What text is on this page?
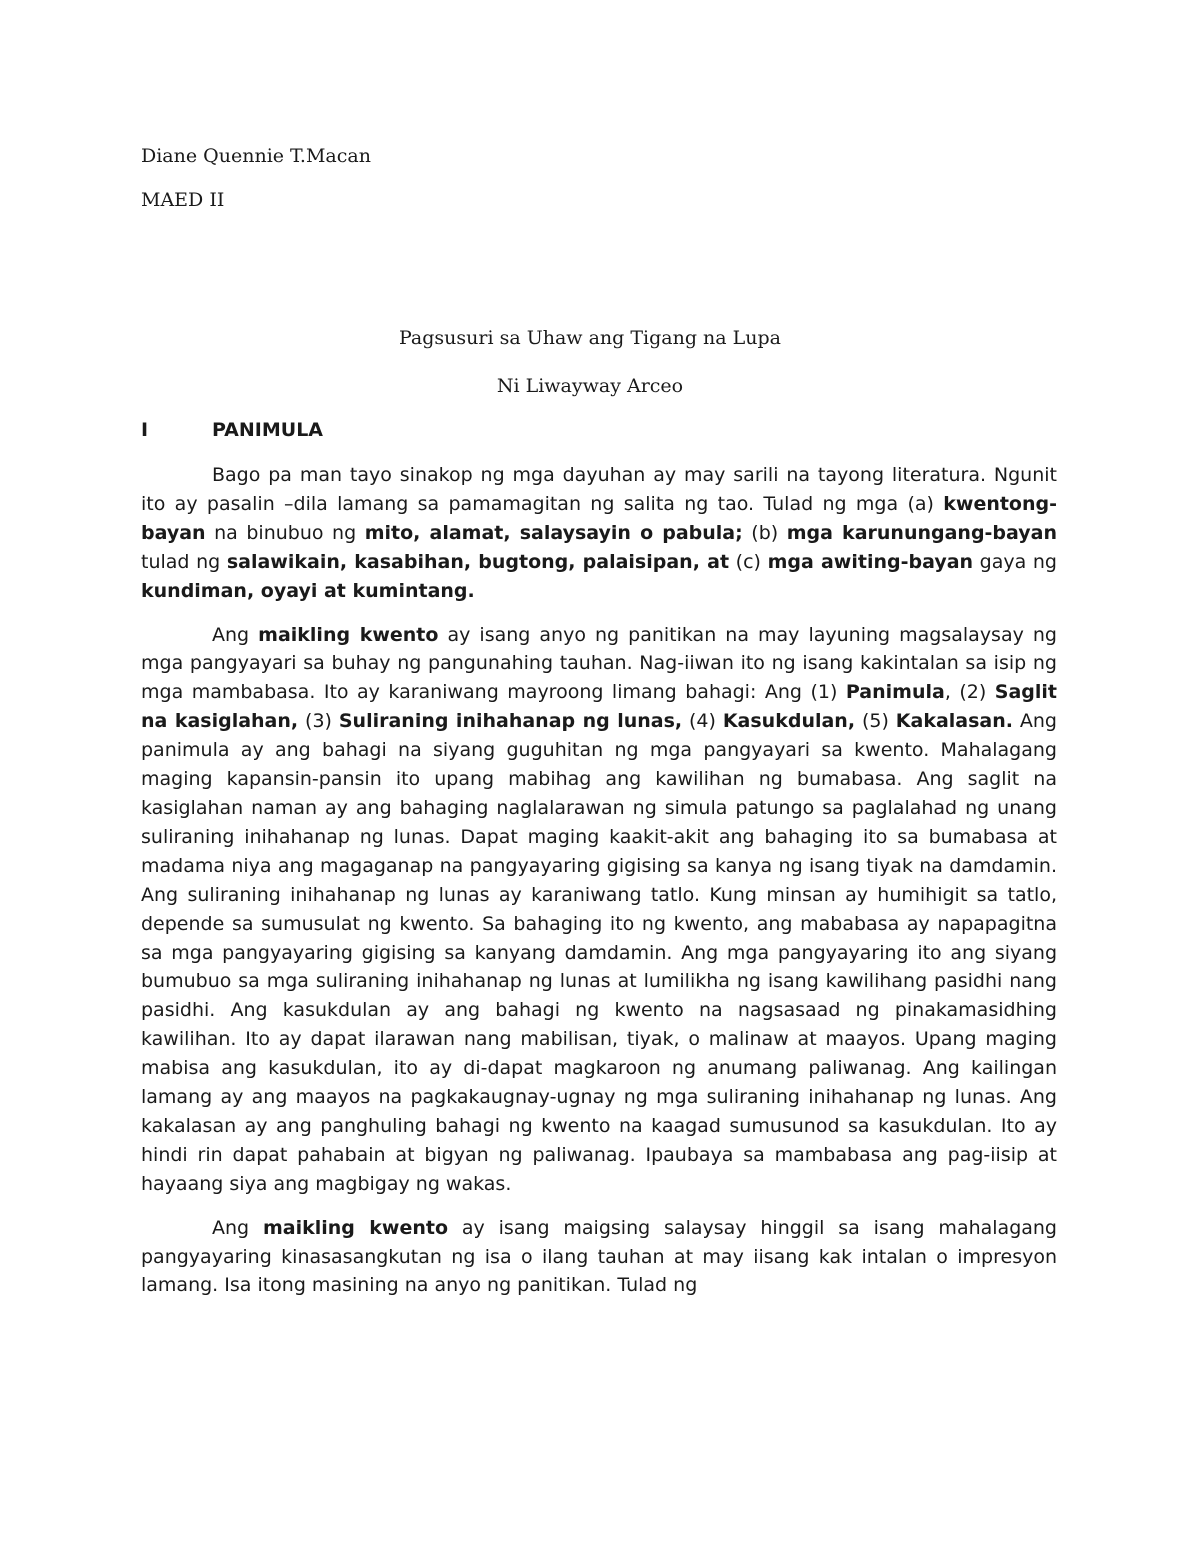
Diane Quennie T.Macan
MAED II
Pagsusuri sa Uhaw ang Tigang na Lupa
Ni Liwayway Arceo
I	PANIMULA

Bago pa man tayo sinakop ng mga dayuhan ay may sarili na tayong literatura. Ngunit ito ay pasalin –dila lamang sa pamamagitan ng salita ng tao. Tulad ng mga (a) kwentong-bayan na binubuo ng mito, alamat, salaysayin o pabula; (b) mga karunungang-bayan tulad ng salawikain, kasabihan, bugtong, palaisipan, at (c) mga awiting-bayan gaya ng kundiman, oyayi at kumintang.

Ang maikling kwento ay isang anyo ng panitikan na may layuning magsalaysay ng mga pangyayari sa buhay ng pangunahing tauhan. Nag-iiwan ito ng isang kakintalan sa isip ng mga mambabasa. Ito ay karaniwang mayroong limang bahagi: Ang (1) Panimula, (2) Saglit na kasiglahan, (3) Suliraning inihahanap ng lunas, (4) Kasukdulan, (5) Kakalasan. Ang panimula ay ang bahagi na siyang guguhitan ng mga pangyayari sa kwento. Mahalagang maging kapansin-pansin ito upang mabihag ang kawilihan ng bumabasa. Ang saglit na kasiglahan naman ay ang bahaging naglalarawan ng simula patungo sa paglalahad ng unang suliraning inihahanap ng lunas. Dapat maging kaakit-akit ang bahaging ito sa bumabasa at madama niya ang magaganap na pangyayaring gigising sa kanya ng isang tiyak na damdamin. Ang suliraning inihahanap ng lunas ay karaniwang tatlo. Kung minsan ay humihigit sa tatlo, depende sa sumusulat ng kwento. Sa bahaging ito ng kwento, ang mababasa ay napapagitna sa mga pangyayaring gigising sa kanyang damdamin. Ang mga pangyayaring ito ang siyang bumubuo sa mga suliraning inihahanap ng lunas at lumilikha ng isang kawilihang pasidhi nang pasidhi. Ang kasukdulan ay ang bahagi ng kwento na nagsasaad ng pinakamasidhing kawilihan. Ito ay dapat ilarawan nang mabilisan, tiyak, o malinaw at maayos. Upang maging mabisa ang kasukdulan, ito ay di-dapat magkaroon ng anumang paliwanag. Ang kailingan lamang ay ang maayos na pagkakaugnay-ugnay ng mga suliraning inihahanap ng lunas. Ang kakalasan ay ang panghuling bahagi ng kwento na kaagad sumusunod sa kasukdulan. Ito ay hindi rin dapat pahabain at bigyan ng paliwanag. Ipaubaya sa mambabasa ang pag-iisip at hayaang siya ang magbigay ng wakas.

Ang maikling kwento ay isang maigsing salaysay hinggil sa isang mahalagang pangyayaring kinasasangkutan ng isa o ilang tauhan at may iisang kak intalan o impresyon lamang. Isa itong masining na anyo ng panitikan. Tulad ng
